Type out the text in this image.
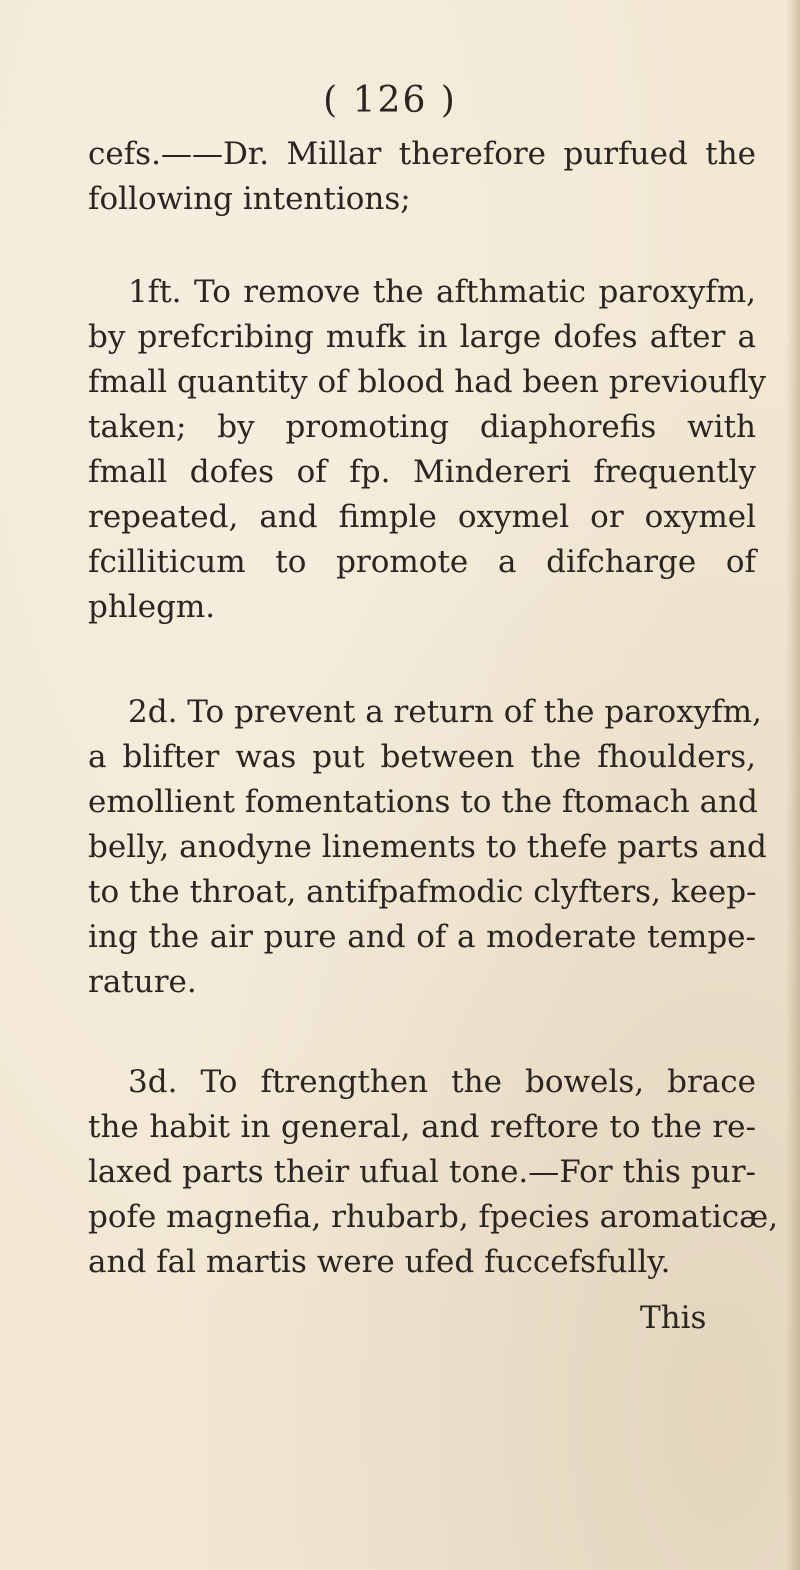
( 126 )
cefs.——Dr. Millar therefore purfued the
following intentions;
1ft. To remove the afthmatic paroxyfm,
by prefcribing mufk in large dofes after a
fmall quantity of blood had been previoufly
taken; by promoting diaphorefis with
fmall dofes of fp. Mindereri frequently
repeated, and fimple oxymel or oxymel
fcilliticum to promote a difcharge of
phlegm.
2d. To prevent a return of the paroxyfm,
a blifter was put between the fhoulders,
emollient fomentations to the ftomach and
belly, anodyne linements to thefe parts and
to the throat, antifpafmodic clyfters, keep-
ing the air pure and of a moderate tempe-
rature.
3d. To ftrengthen the bowels, brace
the habit in general, and reftore to the re-
laxed parts their ufual tone.—For this pur-
pofe magnefia, rhubarb, fpecies aromaticæ,
and fal martis were ufed fuccefsfully.
This
